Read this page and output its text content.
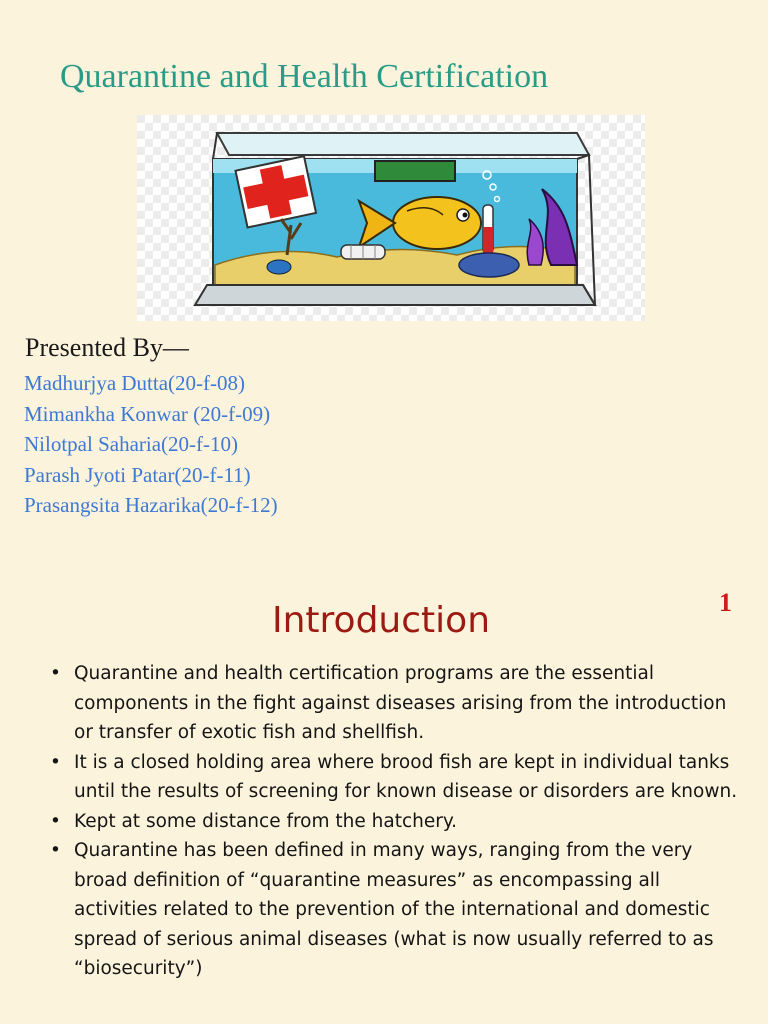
Quarantine and Health Certification
Presented By—
Madhurjya Dutta(20-f-08)
Mimankha Konwar (20-f-09)
Nilotpal Saharia(20-f-10)
Parash Jyoti Patar(20-f-11)
Prasangsita Hazarika(20-f-12)
1
Introduction
• Quarantine and health certification programs are the essential components in the fight against diseases arising from the introduction or transfer of exotic fish and shellfish.
• It is a closed holding area where brood fish are kept in individual tanks until the results of screening for known disease or disorders are known.
• Kept at some distance from the hatchery.
• Quarantine has been defined in many ways, ranging from the very broad definition of “quarantine measures” as encompassing all activities related to the prevention of the international and domestic spread of serious animal diseases (what is now usually referred to as “biosecurity”)
